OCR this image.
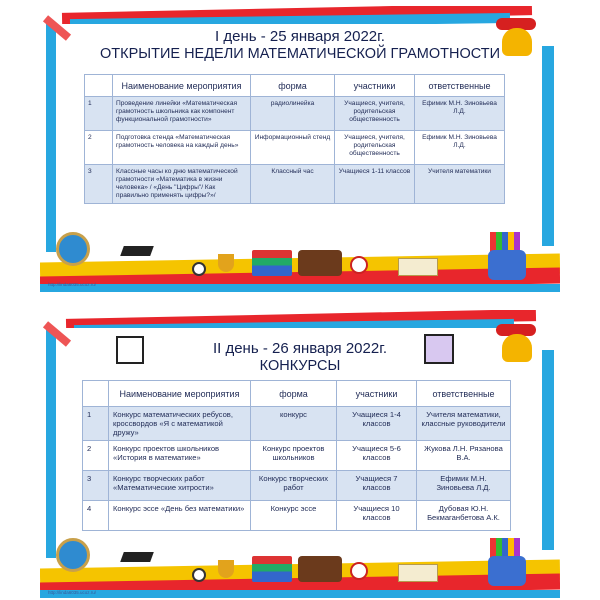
I день - 25 января 2022г.
ОТКРЫТИЕ НЕДЕЛИ МАТЕМАТИЧЕСКОЙ ГРАМОТНОСТИ
	Наименование мероприятия	форма	участники	ответственные
1	Проведение линейки «Математическая грамотность школьника как компонент функциональной грамотности»	радиолинейка	Учащиеся, учителя, родительская общественность	Ефимик М.Н. Зиновьева Л.Д.
2	Подготовка стенда «Математическая грамотность человека на каждый день»	Информационный стенд	Учащиеся, учителя, родительская общественность	Ефимик М.Н. Зиновьева Л.Д.
3	Классные часы ко дню математической грамотности «Математика в жизни человека» / «День "Цифры"/ Как правильно применять цифры?»/	Классный час	Учащиеся 1-11 классов	Учителя математики
http://linda6035.ucoz.ru/
II день - 26 января 2022г.
КОНКУРСЫ
	Наименование мероприятия	форма	участники	ответственные
1	Конкурс математических ребусов, кроссвордов «Я с математикой дружу»	конкурс	Учащиеся 1-4 классов	Учителя математики, классные руководители
2	Конкурс проектов школьников «История в математике»	Конкурс проектов школьников	Учащиеся 5-6 классов	Жукова Л.Н. Рязанова В.А.
3	Конкурс творческих работ «Математические хитрости»	Конкурс творческих работ	Учащиеся 7 классов	Ефимик М.Н. Зиновьева Л.Д.
4	Конкурс эссе «День без математики»	Конкурс эссе	Учащиеся 10 классов	Дубовая Ю.Н. Бекмаганбетова А.К.
http://linda6035.ucoz.ru/
